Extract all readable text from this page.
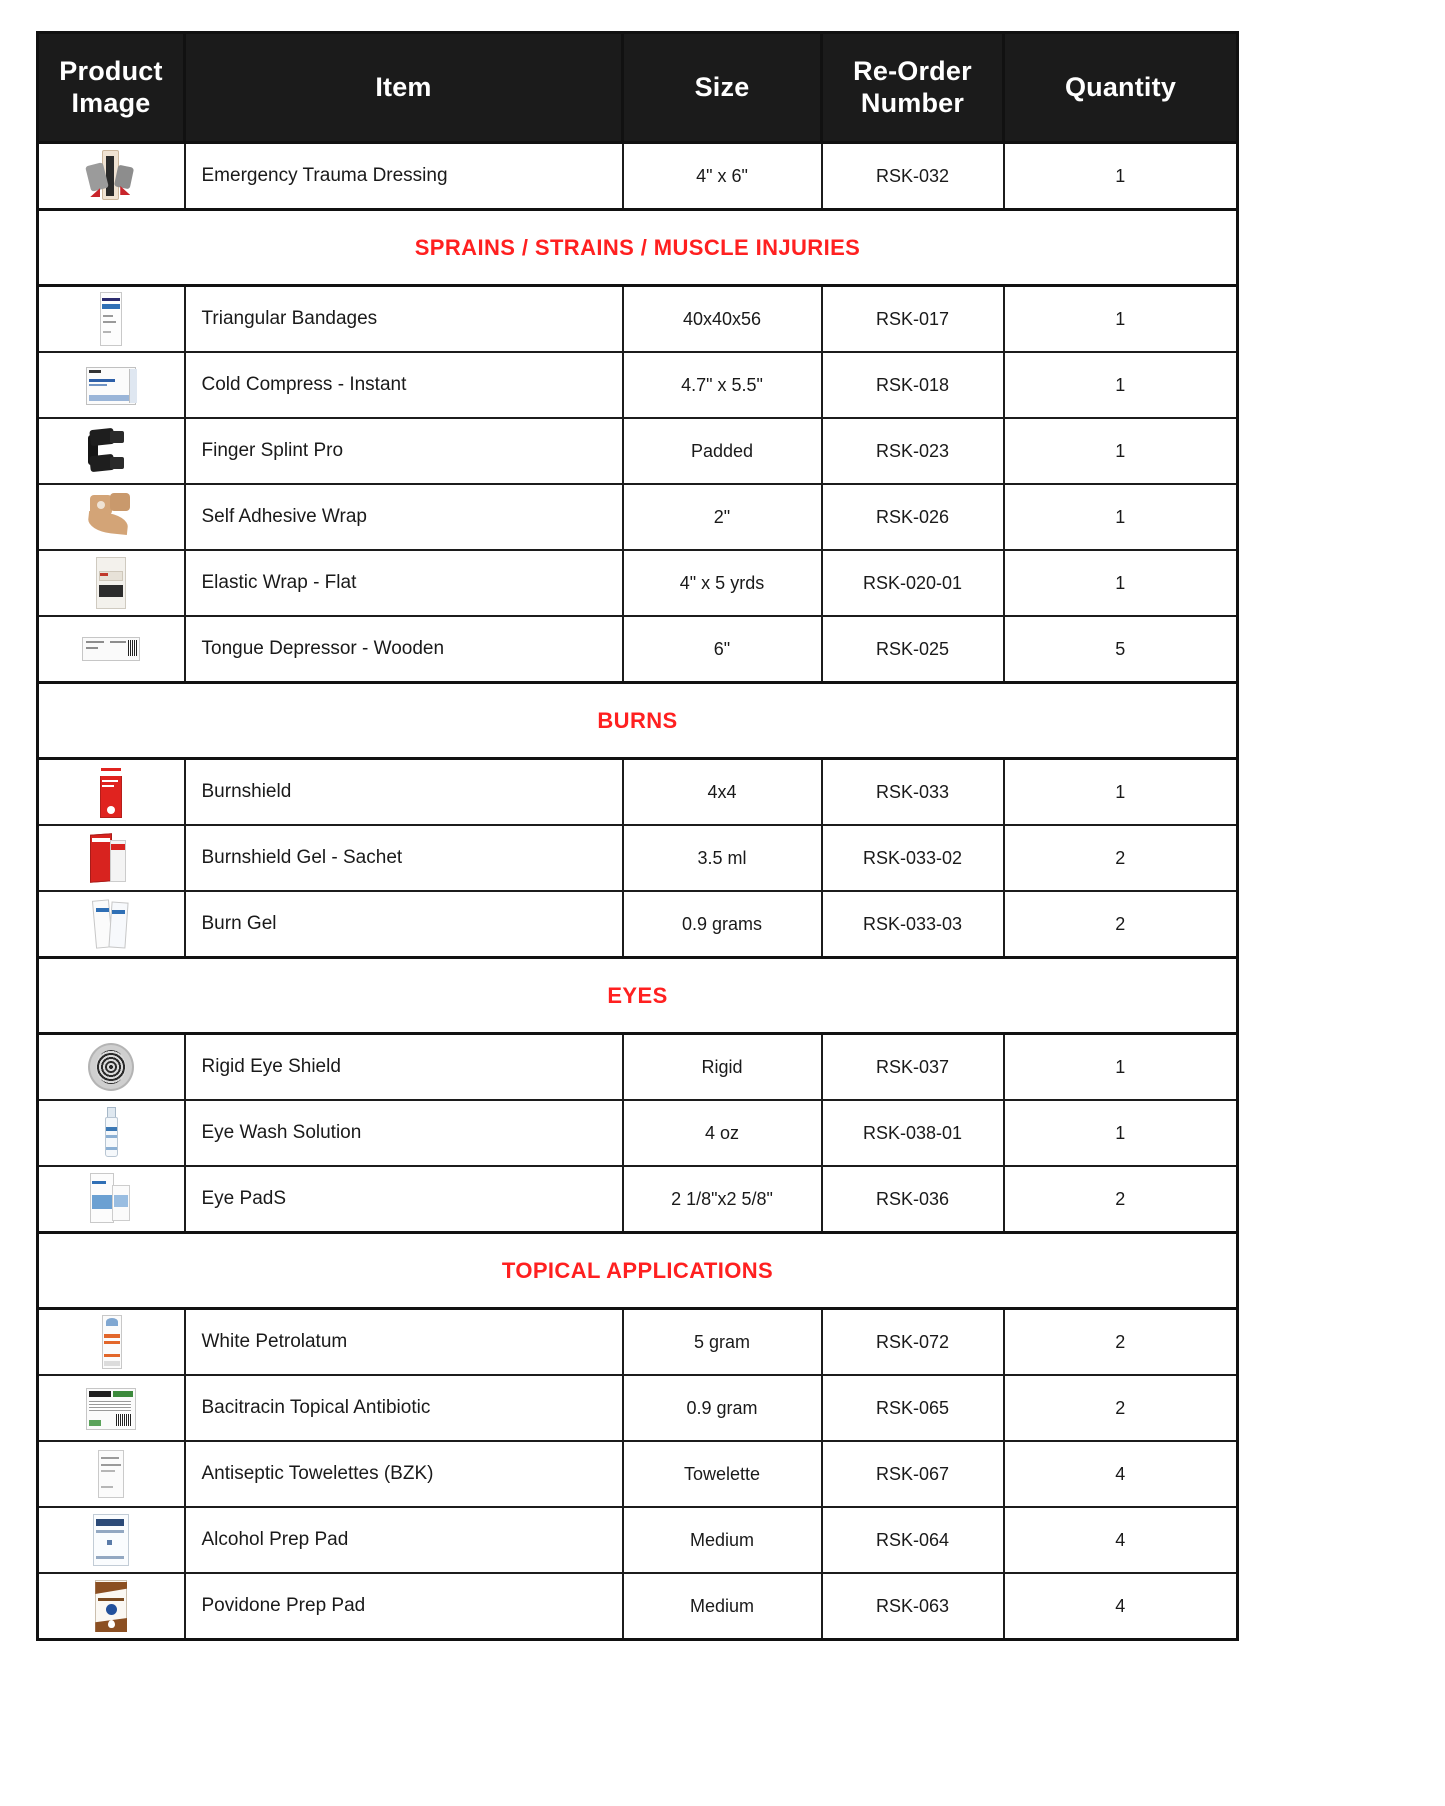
Product Image	Item	Size	Re-Order Number	Quantity

	Emergency Trauma Dressing	4" x 6"	RSK-032	1
SPRAINS / STRAINS / MUSCLE INJURIES				

	Triangular Bandages	40x40x56	RSK-017	1

	Cold Compress - Instant	4.7" x 5.5"	RSK-018	1

	Finger Splint Pro	Padded	RSK-023	1

	Self Adhesive Wrap	2"	RSK-026	1

	Elastic Wrap - Flat	4" x 5 yrds	RSK-020-01	1

	Tongue Depressor - Wooden	6"	RSK-025	5
BURNS				

	Burnshield	4x4	RSK-033	1

	Burnshield Gel - Sachet	3.5 ml	RSK-033-02	2

	Burn Gel	0.9 grams	RSK-033-03	2
EYES				

	Rigid Eye Shield	Rigid	RSK-037	1

	Eye Wash Solution	4 oz	RSK-038-01	1

	Eye PadS	2 1/8"x2 5/8"	RSK-036	2
TOPICAL APPLICATIONS				

	White Petrolatum	5 gram	RSK-072	2

	Bacitracin Topical Antibiotic	0.9 gram	RSK-065	2

	Antiseptic Towelettes (BZK)	Towelette	RSK-067	4

	Alcohol Prep Pad	Medium	RSK-064	4

	Povidone Prep Pad	Medium	RSK-063	4
